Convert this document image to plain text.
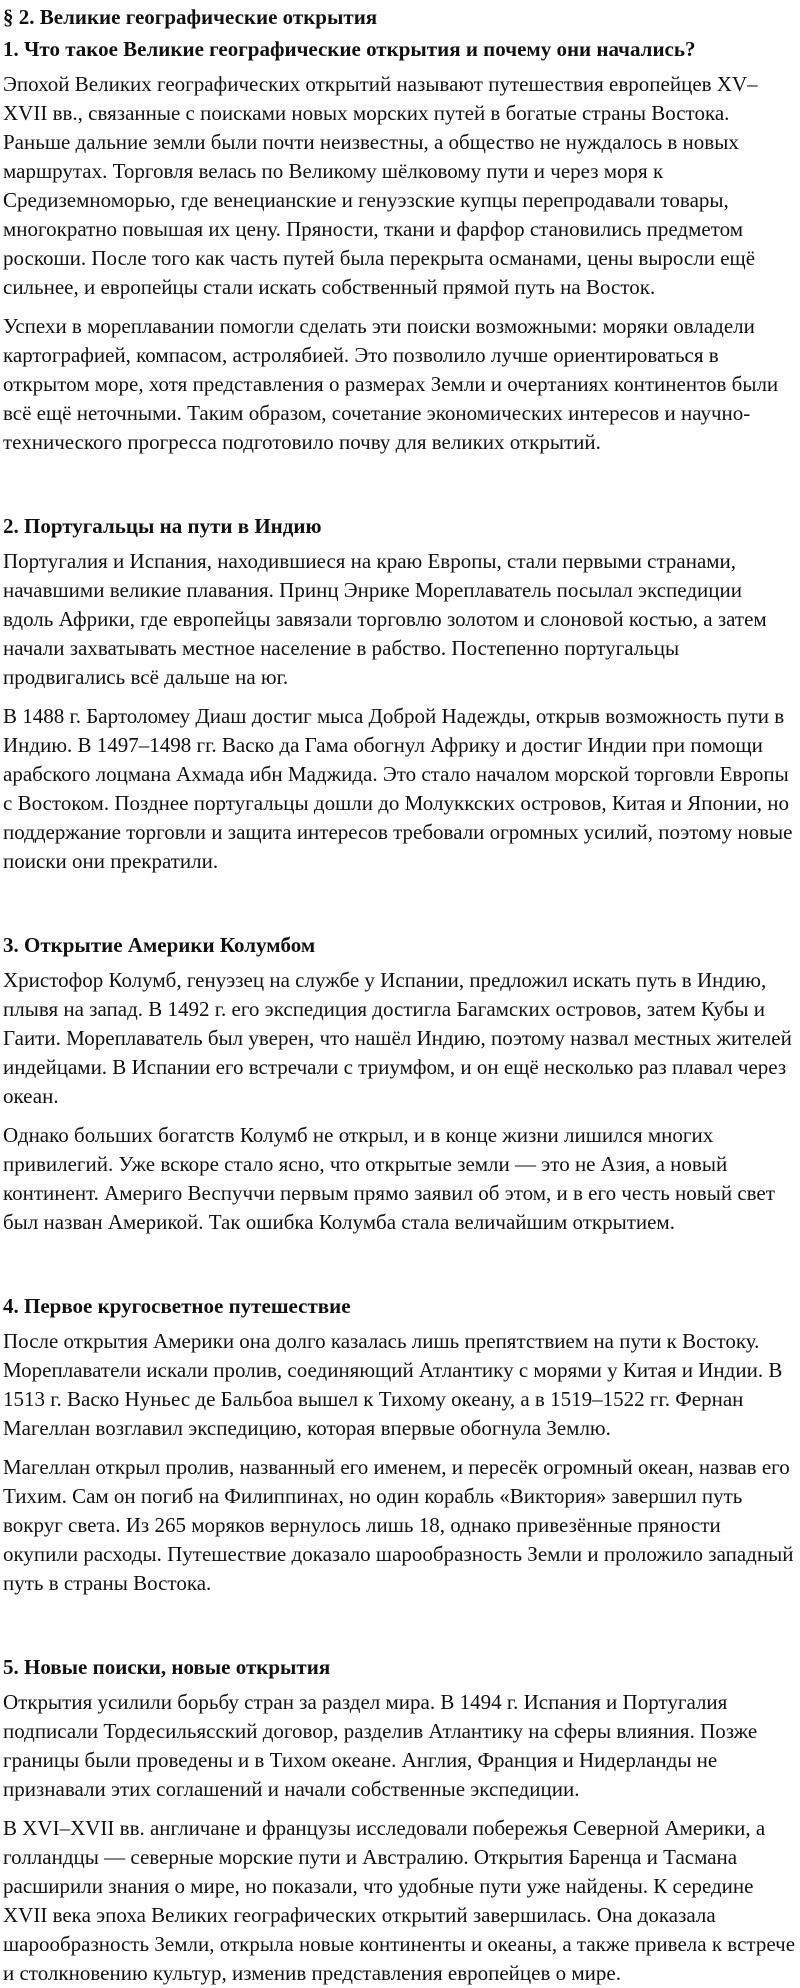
§ 2. Великие географические открытия
1. Что такое Великие географические открытия и почему они начались?

Эпохой Великих географических открытий называют путешествия европейцев XV–XVII вв., связанные с поисками новых морских путей в богатые страны Востока. Раньше дальние земли были почти неизвестны, а общество не нуждалось в новых маршрутах. Торговля велась по Великому шёлковому пути и через моря к Средиземноморью, где венецианские и генуэзские купцы перепродавали товары, многократно повышая их цену. Пряности, ткани и фарфор становились предметом роскоши. После того как часть путей была перекрыта османами, цены выросли ещё сильнее, и европейцы стали искать собственный прямой путь на Восток.

Успехи в мореплавании помогли сделать эти поиски возможными: моряки овладели картографией, компасом, астролябией. Это позволило лучше ориентироваться в открытом море, хотя представления о размерах Земли и очертаниях континентов были всё ещё неточными. Таким образом, сочетание экономических интересов и научно-технического прогресса подготовило почву для великих открытий.

2. Португальцы на пути в Индию

Португалия и Испания, находившиеся на краю Европы, стали первыми странами, начавшими великие плавания. Принц Энрике Мореплаватель посылал экспедиции вдоль Африки, где европейцы завязали торговлю золотом и слоновой костью, а затем начали захватывать местное население в рабство. Постепенно португальцы продвигались всё дальше на юг.

В 1488 г. Бартоломеу Диаш достиг мыса Доброй Надежды, открыв возможность пути в Индию. В 1497–1498 гг. Васко да Гама обогнул Африку и достиг Индии при помощи арабского лоцмана Ахмада ибн Маджида. Это стало началом морской торговли Европы с Востоком. Позднее португальцы дошли до Молуккских островов, Китая и Японии, но поддержание торговли и защита интересов требовали огромных усилий, поэтому новые поиски они прекратили.

3. Открытие Америки Колумбом

Христофор Колумб, генуэзец на службе у Испании, предложил искать путь в Индию, плывя на запад. В 1492 г. его экспедиция достигла Багамских островов, затем Кубы и Гаити. Мореплаватель был уверен, что нашёл Индию, поэтому назвал местных жителей индейцами. В Испании его встречали с триумфом, и он ещё несколько раз плавал через океан.

Однако больших богатств Колумб не открыл, и в конце жизни лишился многих привилегий. Уже вскоре стало ясно, что открытые земли — это не Азия, а новый континент. Америго Веспуччи первым прямо заявил об этом, и в его честь новый свет был назван Америкой. Так ошибка Колумба стала величайшим открытием.

4. Первое кругосветное путешествие

После открытия Америки она долго казалась лишь препятствием на пути к Востоку. Мореплаватели искали пролив, соединяющий Атлантику с морями у Китая и Индии. В 1513 г. Васко Нуньес де Бальбоа вышел к Тихому океану, а в 1519–1522 гг. Фернан Магеллан возглавил экспедицию, которая впервые обогнула Землю.

Магеллан открыл пролив, названный его именем, и пересёк огромный океан, назвав его Тихим. Сам он погиб на Филиппинах, но один корабль «Виктория» завершил путь вокруг света. Из 265 моряков вернулось лишь 18, однако привезённые пряности окупили расходы. Путешествие доказало шарообразность Земли и проложило западный путь в страны Востока.

5. Новые поиски, новые открытия

Открытия усилили борьбу стран за раздел мира. В 1494 г. Испания и Португалия подписали Тордесильясский договор, разделив Атлантику на сферы влияния. Позже границы были проведены и в Тихом океане. Англия, Франция и Нидерланды не признавали этих соглашений и начали собственные экспедиции.

В XVI–XVII вв. англичане и французы исследовали побережья Северной Америки, а голландцы — северные морские пути и Австралию. Открытия Баренца и Тасмана расширили знания о мире, но показали, что удобные пути уже найдены. К середине XVII века эпоха Великих географических открытий завершилась. Она доказала шарообразность Земли, открыла новые континенты и океаны, а также привела к встрече и столкновению культур, изменив представления европейцев о мире.
